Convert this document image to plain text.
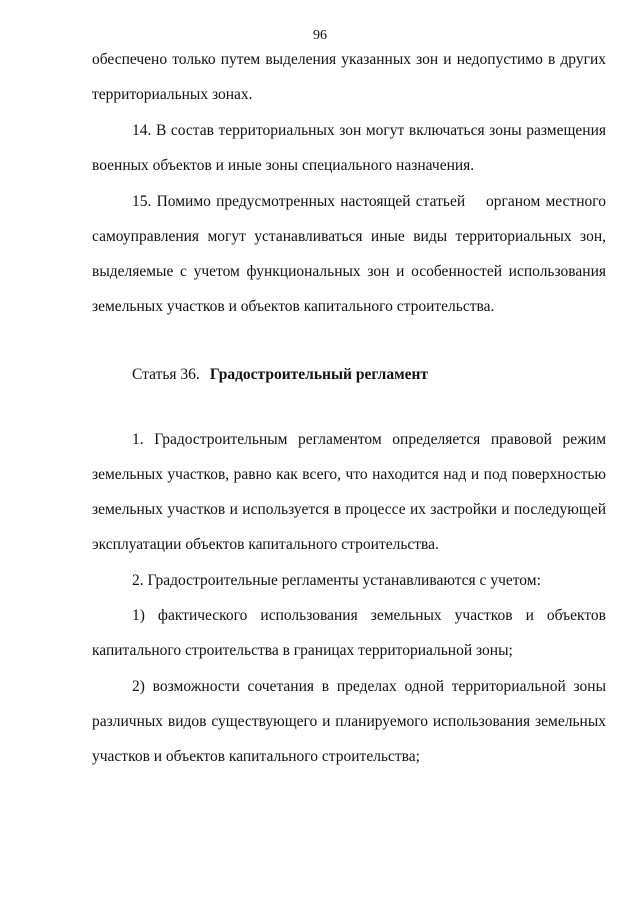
96
обеспечено только путем выделения указанных зон и недопустимо в других
территориальных зонах.
14. В состав территориальных зон могут включаться зоны размещения
военных объектов и иные зоны специального назначения.
15. Помимо предусмотренных настоящей статьей    органом местного
самоуправления могут устанавливаться иные виды территориальных зон,
выделяемые с учетом функциональных зон и особенностей использования
земельных участков и объектов капитального строительства.
Статья 36. Градостроительный регламент
1. Градостроительным регламентом определяется правовой режим
земельных участков, равно как всего, что находится над и под поверхностью
земельных участков и используется в процессе их застройки и последующей
эксплуатации объектов капитального строительства.
2. Градостроительные регламенты устанавливаются с учетом:
1) фактического использования земельных участков и объектов
капитального строительства в границах территориальной зоны;
2) возможности сочетания в пределах одной территориальной зоны
различных видов существующего и планируемого использования земельных
участков и объектов капитального строительства;
